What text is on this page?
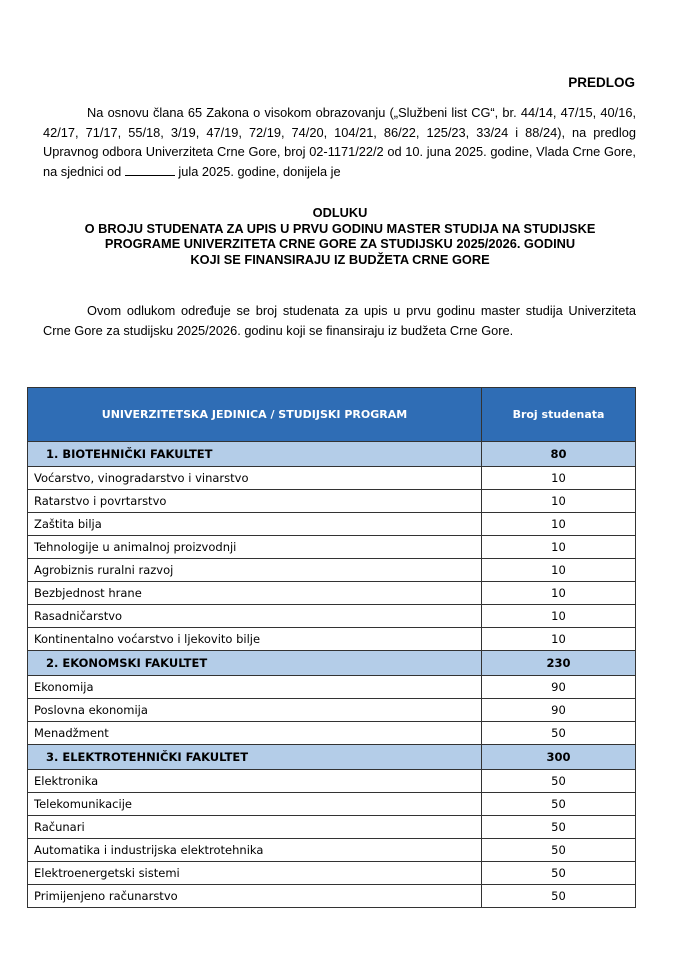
PREDLOG

Na osnovu člana 65 Zakona o visokom obrazovanju („Službeni list CG“, br. 44/14, 47/15, 40/16, 42/17, 71/17, 55/18, 3/19, 47/19, 72/19, 74/20, 104/21, 86/22, 125/23, 33/24 i 88/24), na predlog Upravnog odbora Univerziteta Crne Gore, broj 02-1171/22/2 od 10. juna 2025. godine, Vlada Crne Gore, na sjednici od	jula 2025. godine, donijela je

ODLUKU
O BROJU STUDENATA ZA UPIS U PRVU GODINU MASTER STUDIJA NA STUDIJSKE
PROGRAME UNIVERZITETA CRNE GORE ZA STUDIJSKU 2025/2026. GODINU
KOJI SE FINANSIRAJU IZ BUDŽETA CRNE GORE

Ovom odlukom određuje se broj studenata za upis u prvu godinu master studija Univerziteta Crne Gore za studijsku 2025/2026. godinu koji se finansiraju iz budžeta Crne Gore.

UNIVERZITETSKA JEDINICA / STUDIJSKI PROGRAM	Broj studenata
1. BIOTEHNIČKI FAKULTET	80
Voćarstvo, vinogradarstvo i vinarstvo	10
Ratarstvo i povrtarstvo	10
Zaštita bilja	10
Tehnologije u animalnoj proizvodnji	10
Agrobiznis ruralni razvoj	10
Bezbjednost hrane	10
Rasadničarstvo	10
Kontinentalno voćarstvo i ljekovito bilje	10
2. EKONOMSKI FAKULTET	230
Ekonomija	90
Poslovna ekonomija	90
Menadžment	50
3. ELEKTROTEHNIČKI FAKULTET	300
Elektronika	50
Telekomunikacije	50
Računari	50
Automatika i industrijska elektrotehnika	50
Elektroenergetski sistemi	50
Primijenjeno računarstvo	50
